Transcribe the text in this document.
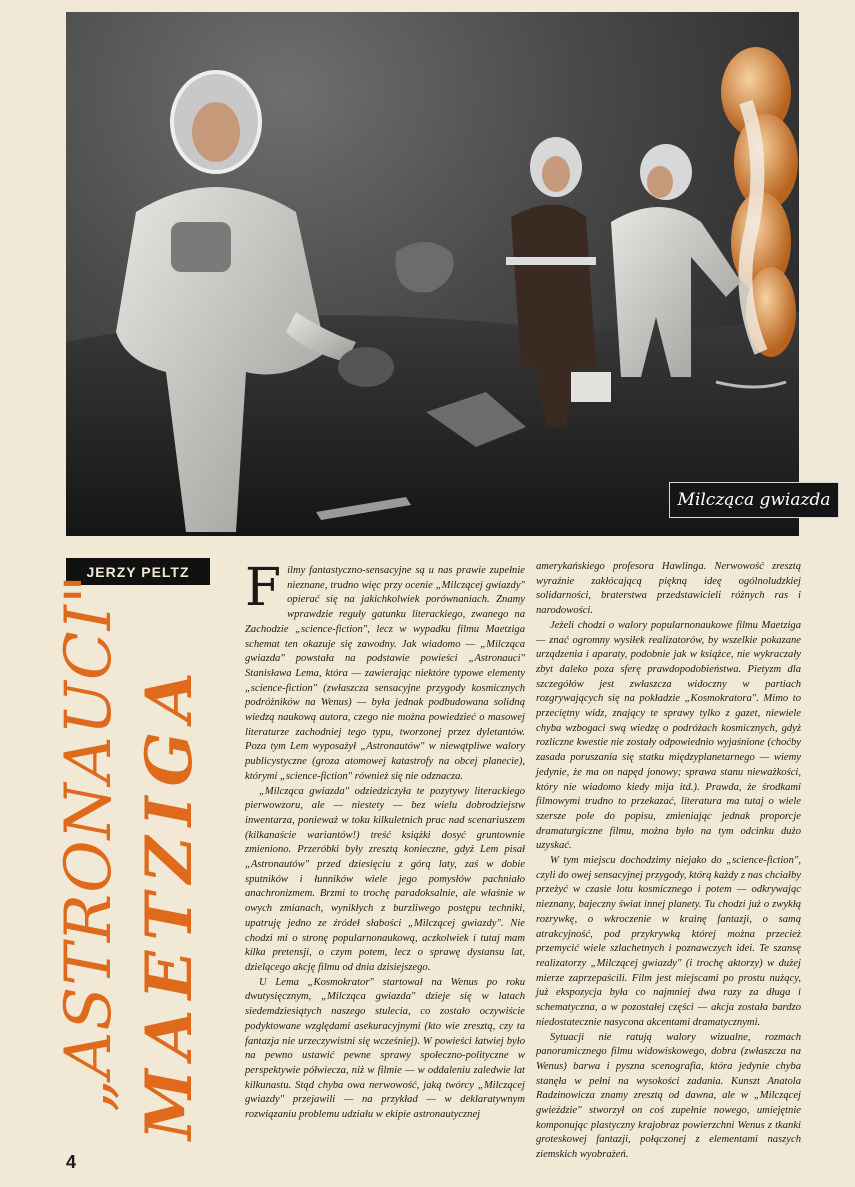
Milcząca gwiazda
JERZY PELTZ
„ASTRONAUCI" MAETZIGA

Filmy fantastyczno-sensacyjne są u nas prawie zupełnie nieznane, trudno więc przy ocenie „Milczącej gwiazdy" opierać się na jakichkolwiek porównaniach. Znamy wprawdzie reguły gatunku literackiego, zwanego na Zachodzie „science-fiction", lecz w wypadku filmu Maetziga schemat ten okazuje się zawodny. Jak wiadomo — „Milcząca gwiazda" powstała na podstawie powieści „Astronauci" Stanisława Lema, która — zawierając niektóre typowe elementy „science-fiction" (zwłaszcza sensacyjne przygody kosmicznych podróżników na Wenus) — była jednak podbudowana solidną wiedzą naukową autora, czego nie można powiedzieć o masowej literaturze zachodniej tego typu, tworzonej przez dyletantów. Poza tym Lem wyposażył „Astronautów" w niewątpliwe walory publicystyczne (groza atomowej katastrofy na obcej planecie), którymi „science-fiction" również się nie odznacza.

„Milcząca gwiazda" odziedziczyła te pozytywy literackiego pierwowzoru, ale — niestety — bez wielu dobrodziejstw inwentarza, ponieważ w toku kilkuletnich prac nad scenariuszem (kilkanaście wariantów!) treść książki dosyć gruntownie zmieniono. Przeróbki były zresztą konieczne, gdyż Lem pisał „Astronautów" przed dziesięciu z górą laty, zaś w dobie sputników i łunników wiele jego pomysłów pachniało anachronizmem. Brzmi to trochę paradoksalnie, ale właśnie w owych zmianach, wynikłych z burzliwego postępu techniki, upatruję jedno ze źródeł słabości „Milczącej gwiazdy". Nie chodzi mi o stronę popularnonaukową, aczkolwiek i tutaj mam kilka pretensji, o czym potem, lecz o sprawę dystansu lat, dzielącego akcję filmu od dnia dzisiejszego.

U Lema „Kosmokrator" startował na Wenus po roku dwutysięcznym, „Milcząca gwiazda" dzieje się w latach siedemdziesiątych naszego stulecia, co zostało oczywiście podyktowane względami asekuracyjnymi (kto wie zresztą, czy ta fantazja nie urzeczywistni się wcześniej). W powieści łatwiej było na pewno ustawić pewne sprawy społeczno-polityczne w perspektywie półwiecza, niż w filmie — w oddaleniu zaledwie lat kilkunastu. Stąd chyba owa nerwowość, jaką twórcy „Milczącej gwiazdy" przejawili — na przykład — w deklaratywnym rozwiązaniu problemu udziału w ekipie astronautycznej

amerykańskiego profesora Hawlinga. Nerwowość zresztą wyraźnie zakłócającą piękną ideę ogólnoludzkiej solidarności, braterstwa przedstawicieli różnych ras i narodowości.

Jeżeli chodzi o walory popularnonaukowe filmu Maetziga — znać ogromny wysiłek realizatorów, by wszelkie pokazane urządzenia i aparaty, podobnie jak w książce, nie wykraczały zbyt daleko poza sferę prawdopodobieństwa. Pietyzm dla szczegółów jest zwłaszcza widoczny w partiach rozgrywających się na pokładzie „Kosmokratora". Mimo to przeciętny widz, znający te sprawy tylko z gazet, niewiele chyba wzbogaci swą wiedzę o podróżach kosmicznych, gdyż rozliczne kwestie nie zostały odpowiednio wyjaśnione (choćby zasada poruszania się statku międzyplanetarnego — wiemy jedynie, że ma on napęd jonowy; sprawa stanu nieważkości, który nie wiadomo kiedy mija itd.). Prawda, że środkami filmowymi trudno to przekazać, literatura ma tutaj o wiele szersze pole do popisu, zmieniając jednak proporcje dramaturgiczne filmu, można było na tym odcinku dużo uzyskać.

W tym miejscu dochodzimy niejako do „science-fiction", czyli do owej sensacyjnej przygody, którą każdy z nas chciałby przeżyć w czasie lotu kosmicznego i potem — odkrywając nieznany, bajeczny świat innej planety. Tu chodzi już o zwykłą rozrywkę, o wkroczenie w krainę fantazji, o samą atrakcyjność, pod przykrywką której można przecież przemycić wiele szlachetnych i poznawczych idei. Te szansę realizatorzy „Milczącej gwiazdy" (i trochę aktorzy) w dużej mierze zaprzepaścili. Film jest miejscami po prostu nużący, już ekspozycja była co najmniej dwa razy za długa i schematyczna, a w pozostałej części — akcja została bardzo niedostatecznie nasycona akcentami dramatycznymi.

Sytuacji nie ratują walory wizualne, rozmach panoramicznego filmu widowiskowego, dobra (zwłaszcza na Wenus) barwa i pyszna scenografia, która jedynie chyba stanęła w pełni na wysokości zadania. Kunszt Anatola Radzinowicza znamy zresztą od dawna, ale w „Milczącej gwieździe" stworzył on coś zupełnie nowego, umiejętnie komponując plastyczny krajobraz powierzchni Wenus z tkanki groteskowej fantazji, połączonej z elementami naszych ziemskich wyobrażeń.

4
